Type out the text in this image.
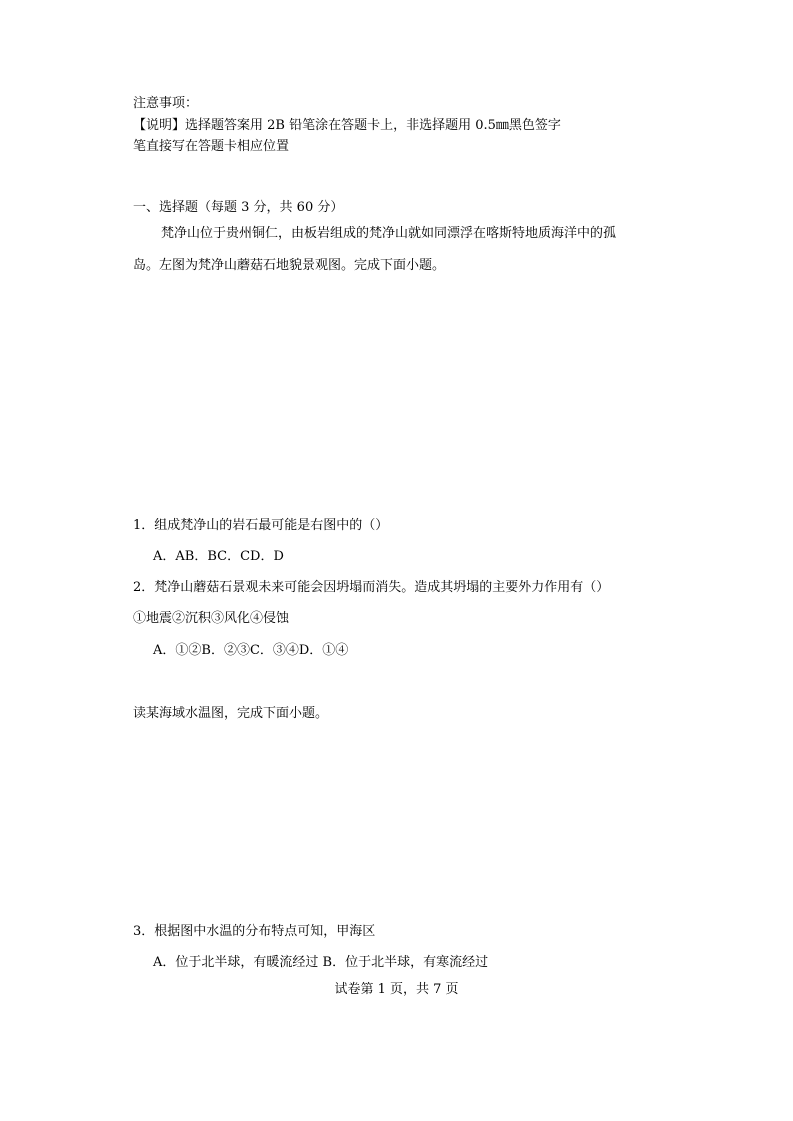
注意事项：
【说明】选择题答案用 2B 铅笔涂在答题卡上，非选择题用 0.5㎜黑色签字
笔直接写在答题卡相应位置
一、选择题（每题 3 分，共 60 分）
梵净山位于贵州铜仁，由板岩组成的梵净山就如同漂浮在喀斯特地质海洋中的孤
岛。左图为梵净山蘑菇石地貌景观图。完成下面小题。
1．组成梵净山的岩石最可能是右图中的（）
A．AB．BC．CD．D
2．梵净山蘑菇石景观未来可能会因坍塌而消失。造成其坍塌的主要外力作用有（）
①地震②沉积③风化④侵蚀
A．①②B．②③C．③④D．①④
读某海域水温图，完成下面小题。
3．根据图中水温的分布特点可知，甲海区
A．位于北半球，有暖流经过 B．位于北半球，有寒流经过
试卷第 1 页，共 7 页
